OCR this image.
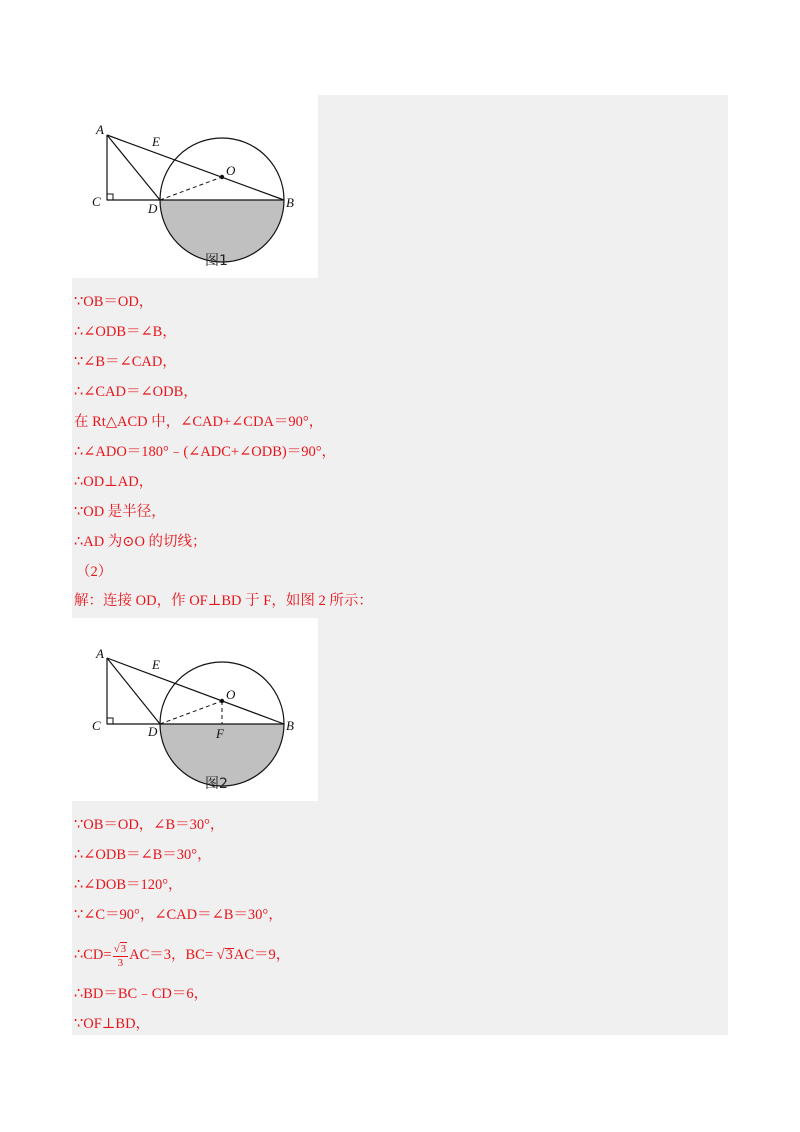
A
E
O
C	D	B
图1
∵OB＝OD，
∴∠ODB＝∠B，
∵∠B＝∠CAD，
∴∠CAD＝∠ODB，
在 Rt△ACD 中，∠CAD+∠CDA＝90°，
∴∠ADO＝180°﹣(∠ADC+∠ODB)＝90°，
∴OD⊥AD，
∵OD 是半径，
∴AD 为⊙O 的切线；
（2）
解：连接 OD，作 OF⊥BD 于 F，如图 2 所示：
A
E
O
C	D	F
B
图2
∵OB＝OD，∠B＝30°，
∴∠ODB＝∠B＝30°，
∴∠DOB＝120°，
∵∠C＝90°，∠CAD＝∠B＝30°，
∴CD= $\frac{√3}{3} AC=3$，BC= √3AC＝9，
∴BD＝BC﹣CD＝6，
∵OF⊥BD，
